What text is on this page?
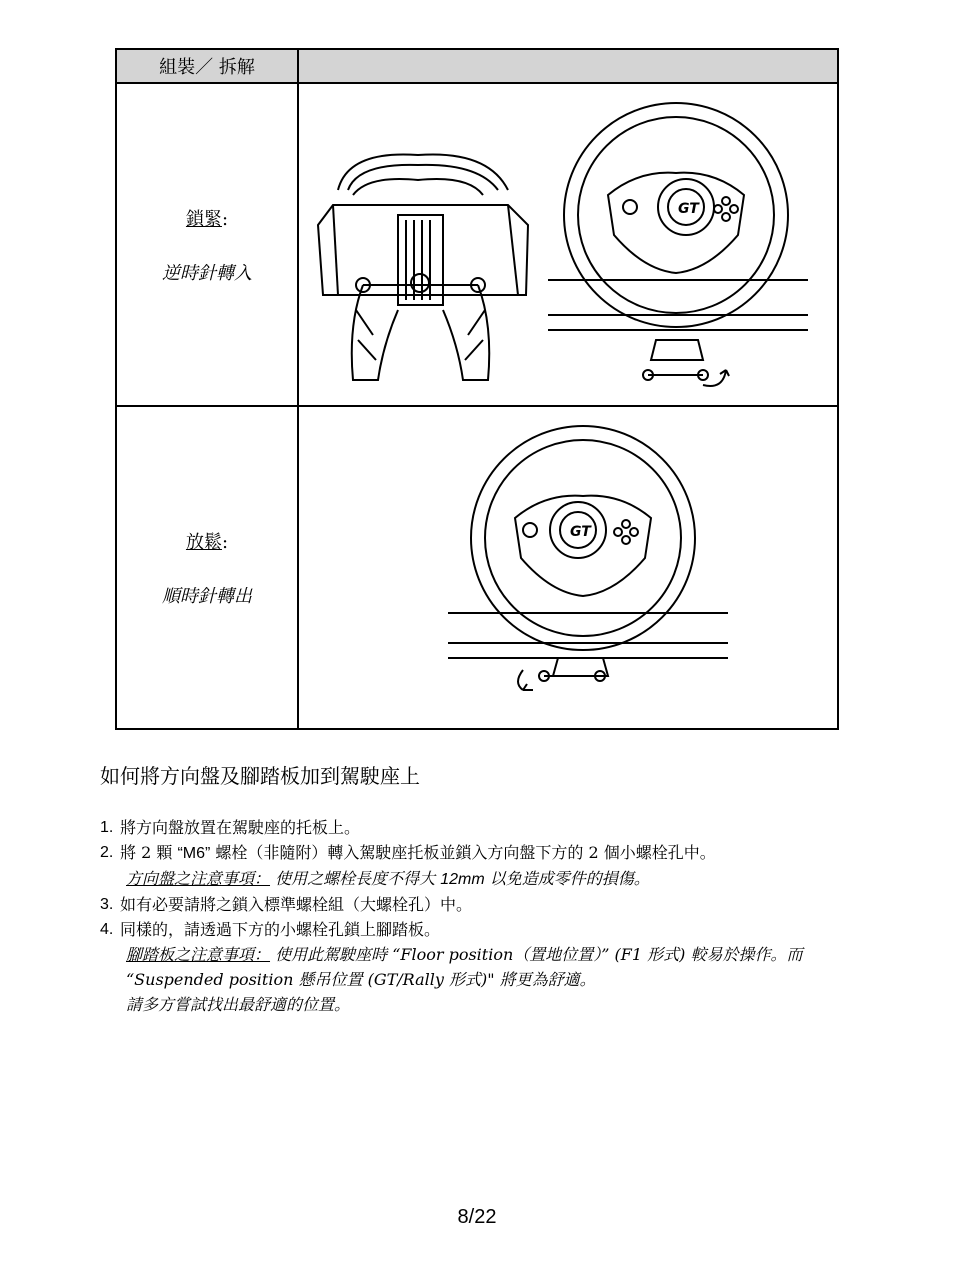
組裝／ 拆解	

鎖緊:
逆時針轉入	GT

放鬆:
順時針轉出	GT
如何將方向盤及腳踏板加到駕駛座上
1. 將方向盤放置在駕駛座的托板上。
2. 將 2 顆 “M6” 螺栓（非隨附）轉入駕駛座托板並鎖入方向盤下方的 2 個小螺栓孔中。
方向盤之注意事項： 使用之螺栓長度不得大 12mm 以免造成零件的損傷。
3. 如有必要請將之鎖入標準螺栓組（大螺栓孔）中。
4. 同樣的，請透過下方的小螺栓孔鎖上腳踏板。
腳踏板之注意事項： 使用此駕駛座時 “Floor position（置地位置）” (F1 形式) 較易於操作。而 “Suspended position 懸吊位置 (GT/Rally 形式)" 將更為舒適。
請多方嘗試找出最舒適的位置。
8/22
